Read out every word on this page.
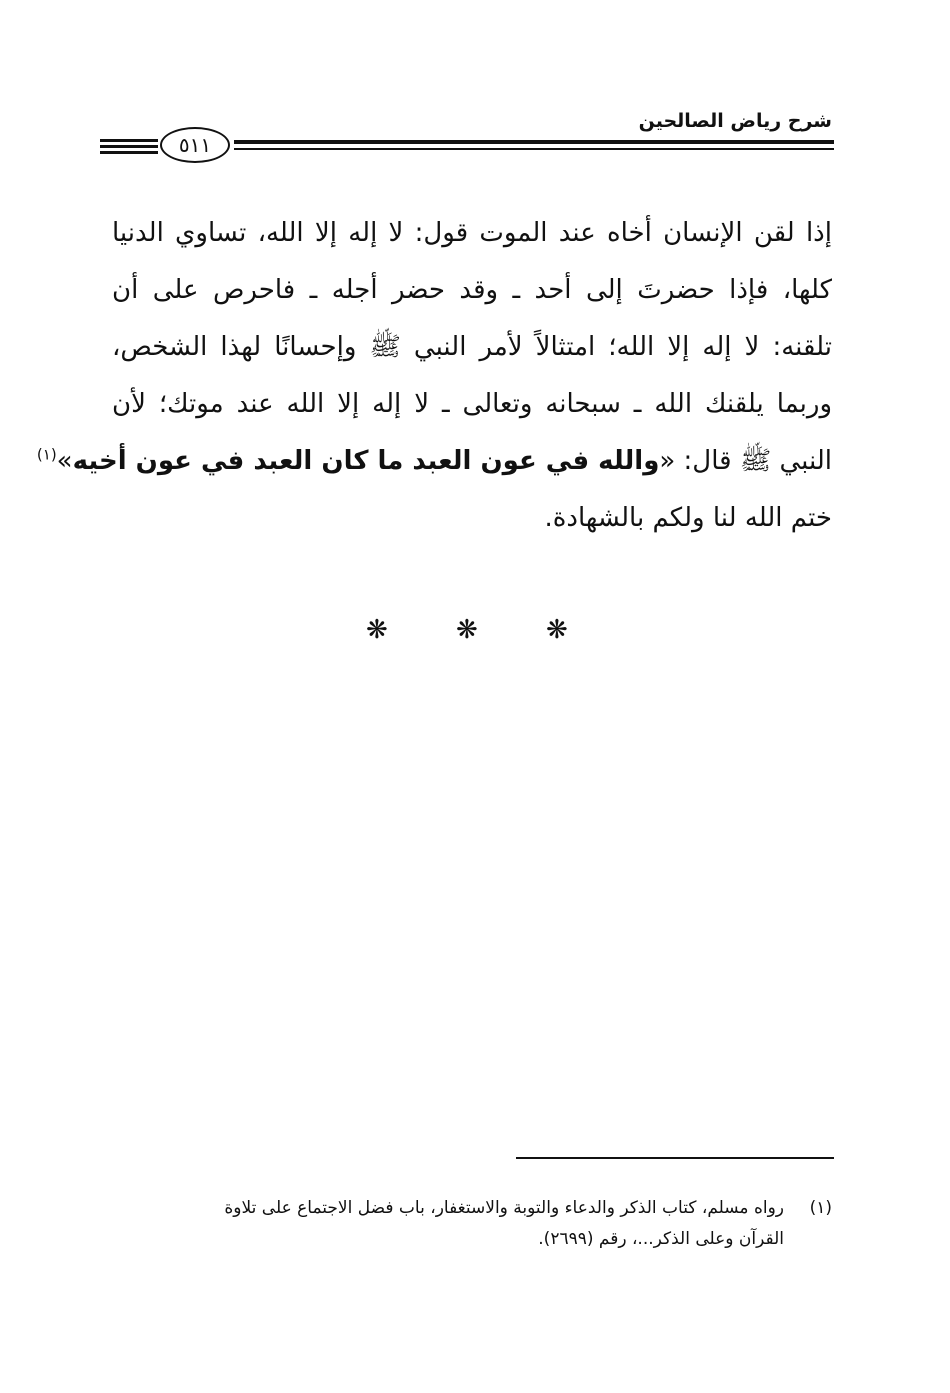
شرح رياض الصالحين
٥١١
إذا لقن الإنسان أخاه عند الموت قول: لا إله إلا الله، تساوي الدنيا
كلها، فإذا حضرتَ إلى أحد ـ وقد حضر أجله ـ فاحرص على أن
تلقنه: لا إله إلا الله؛ امتثالاً لأمر النبي ﷺ وإحسانًا لهذا الشخص،
وربما يلقنك الله ـ سبحانه وتعالى ـ لا إله إلا الله عند موتك؛ لأن
النبي ﷺ قال: «والله في عون العبد ما كان العبد في عون أخيه»$^{(١)}$
ختم الله لنا ولكم بالشهادة.
❋	❋	❋
(١)رواه مسلم، كتاب الذكر والدعاء والتوبة والاستغفار، باب فضل الاجتماع على تلاوة
القرآن وعلى الذكر...، رقم (٢٦٩٩).
